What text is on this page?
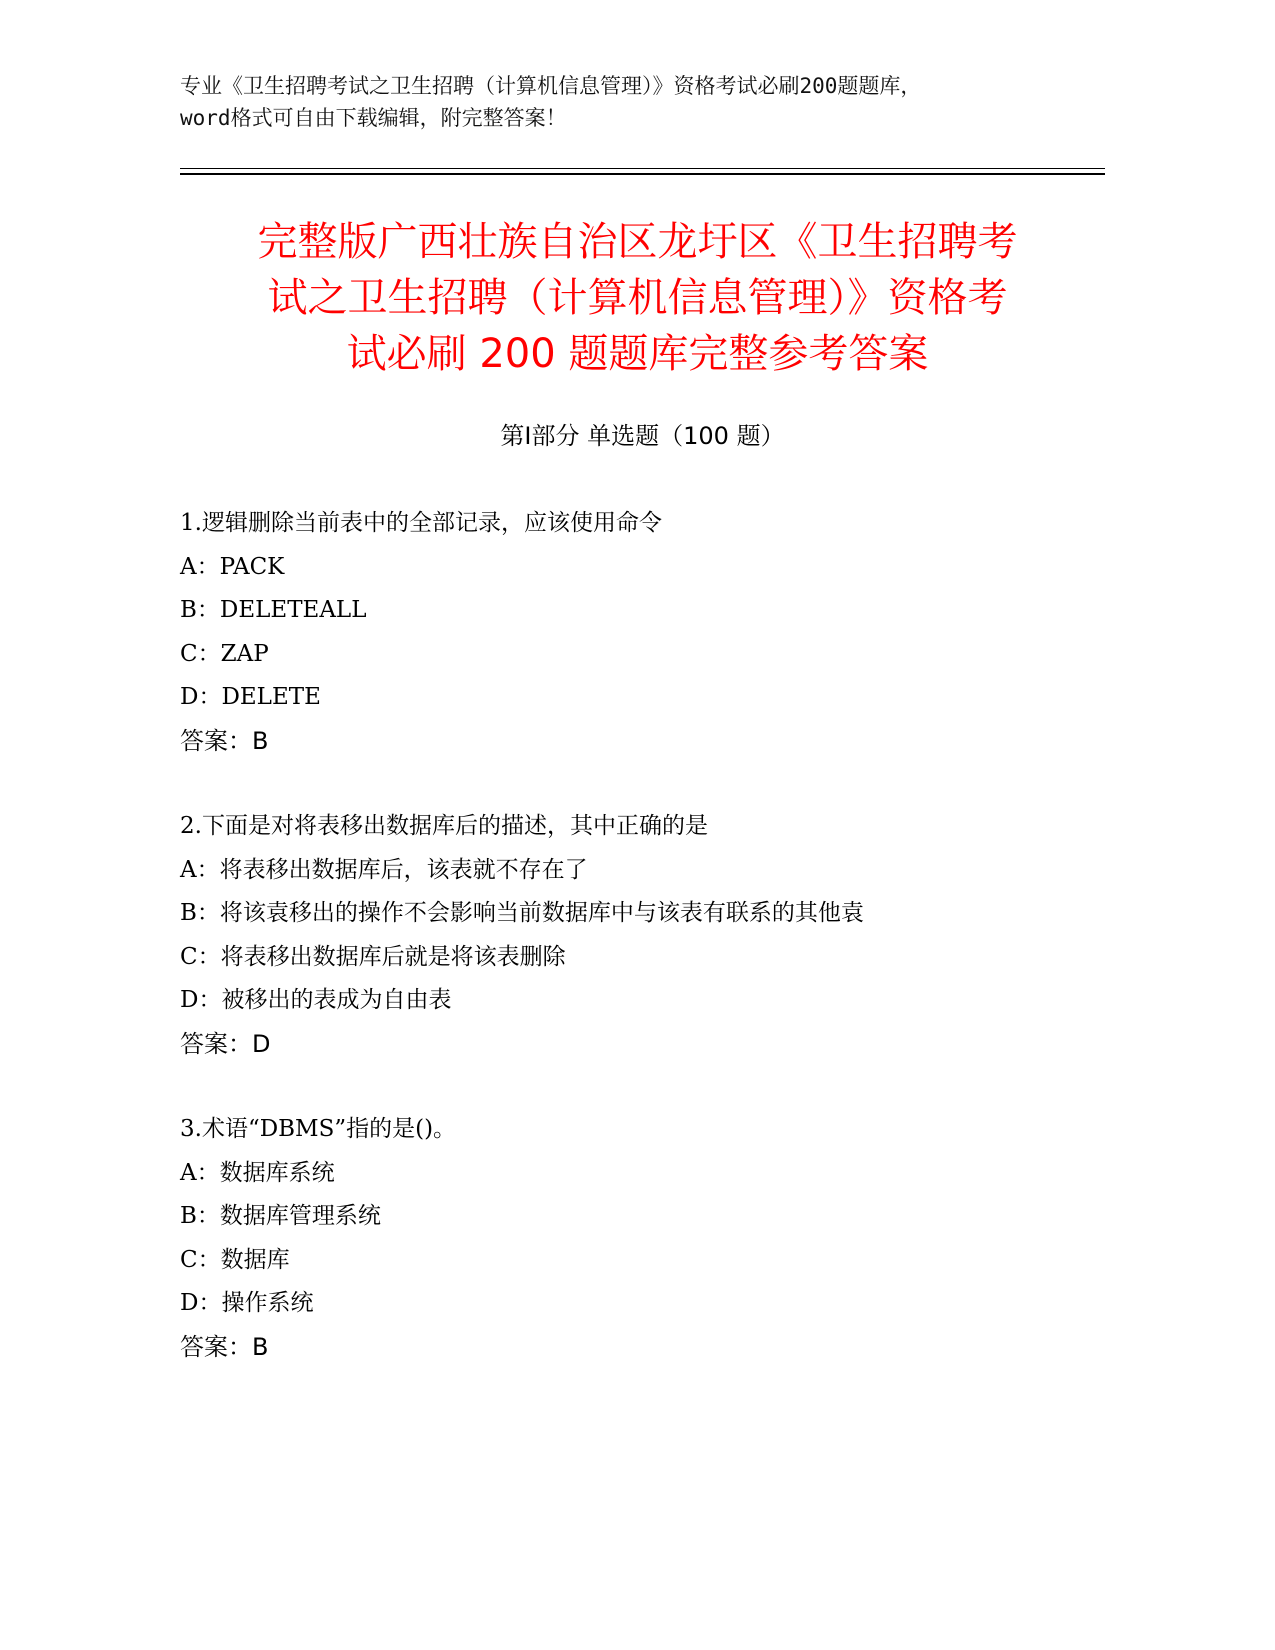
专业《卫生招聘考试之卫生招聘（计算机信息管理）》资格考试必刷200题题库，
word格式可自由下载编辑，附完整答案！
完整版广西壮族自治区龙圩区《卫生招聘考
试之卫生招聘（计算机信息管理）》资格考
试必刷 200 题题库完整参考答案
第Ⅰ部分 单选题（100 题）
1.逻辑删除当前表中的全部记录，应该使用命令
A：PACK
B：DELETEALL
C：ZAP
D：DELETE
答案：B
2.下面是对将表移出数据库后的描述，其中正确的是
A：将表移出数据库后，该表就不存在了
B：将该袁移出的操作不会影响当前数据库中与该表有联系的其他袁
C：将表移出数据库后就是将该表删除
D：被移出的表成为自由表
答案：D
3.术语“DBMS”指的是()。
A：数据库系统
B：数据库管理系统
C：数据库
D：操作系统
答案：B
